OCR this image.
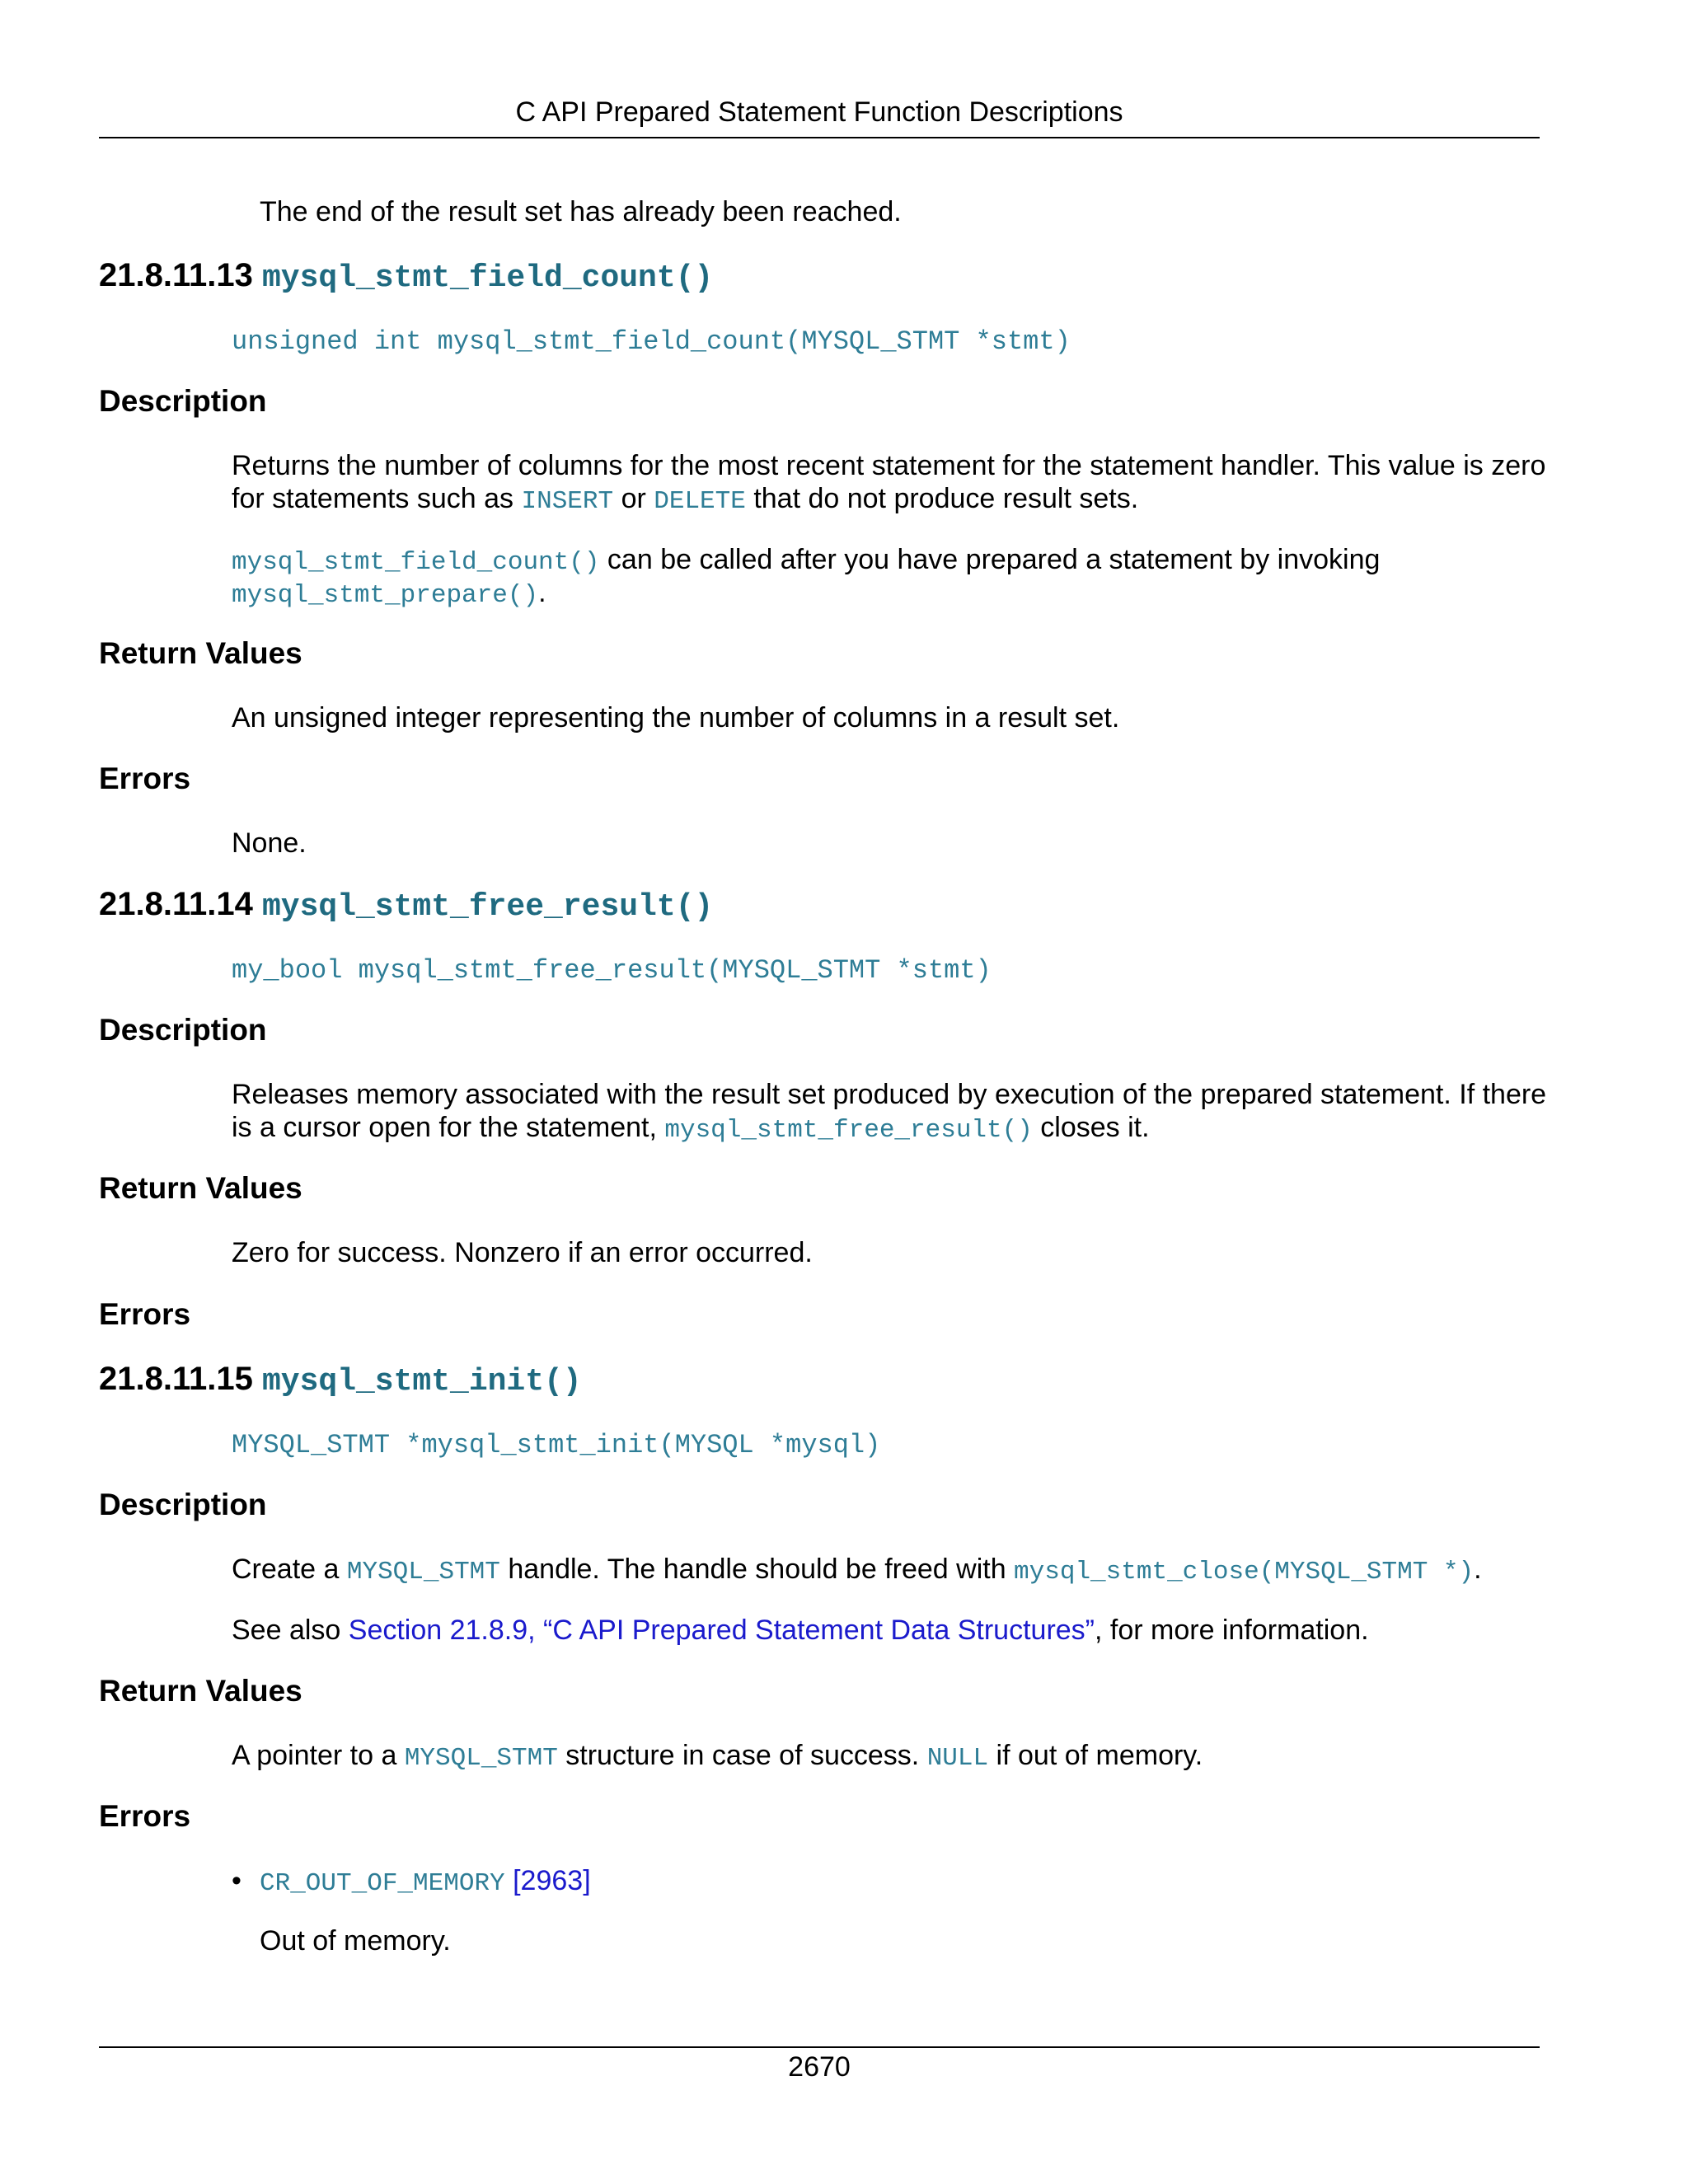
C API Prepared Statement Function Descriptions

The end of the result set has already been reached.

21.8.11.13 mysql_stmt_field_count()
unsigned int mysql_stmt_field_count(MYSQL_STMT *stmt)
Description

Returns the number of columns for the most recent statement for the statement handler. This value is zero

for statements such as INSERT or DELETE that do not produce result sets.

mysql_stmt_field_count() can be called after you have prepared a statement by invoking

mysql_stmt_prepare().

Return Values

An unsigned integer representing the number of columns in a result set.

Errors

None.

21.8.11.14 mysql_stmt_free_result()
my_bool mysql_stmt_free_result(MYSQL_STMT *stmt)
Description

Releases memory associated with the result set produced by execution of the prepared statement. If there

is a cursor open for the statement, mysql_stmt_free_result() closes it.

Return Values

Zero for success. Nonzero if an error occurred.

Errors
21.8.11.15 mysql_stmt_init()
MYSQL_STMT *mysql_stmt_init(MYSQL *mysql)
Description

Create a MYSQL_STMT handle. The handle should be freed with mysql_stmt_close(MYSQL_STMT *).

See also Section 21.8.9, “C API Prepared Statement Data Structures”, for more information.

Return Values

A pointer to a MYSQL_STMT structure in case of success. NULL if out of memory.

Errors
• CR_OUT_OF_MEMORY [2963]

Out of memory.

2670
